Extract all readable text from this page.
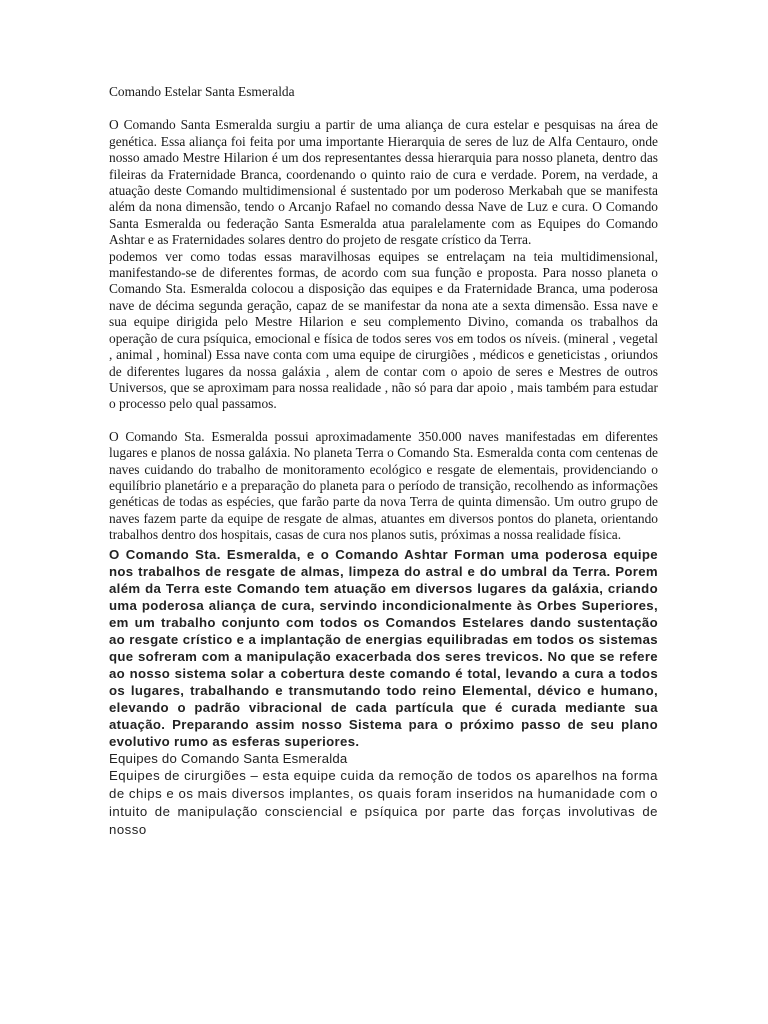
Comando Estelar Santa Esmeralda

O Comando Santa Esmeralda surgiu a partir de uma aliança de cura estelar e pesquisas na área de genética. Essa aliança foi feita por uma importante Hierarquia de seres de luz de Alfa Centauro, onde nosso amado Mestre Hilarion é um dos representantes dessa hierarquia para nosso planeta, dentro das fileiras da Fraternidade Branca, coordenando o quinto raio de cura e verdade. Porem, na verdade, a atuação deste Comando multidimensional é sustentado por um poderoso Merkabah que se manifesta além da nona dimensão, tendo o Arcanjo Rafael no comando dessa Nave de Luz e cura. O Comando Santa Esmeralda ou federação Santa Esmeralda atua paralelamente com as Equipes do Comando Ashtar e as Fraternidades solares dentro do projeto de resgate crístico da Terra.

podemos ver como todas essas maravilhosas equipes se entrelaçam na teia multidimensional, manifestando-se de diferentes formas, de acordo com sua função e proposta. Para nosso planeta o Comando Sta. Esmeralda colocou a disposição das equipes e da Fraternidade Branca, uma poderosa nave de décima segunda geração, capaz de se manifestar da nona ate a sexta dimensão. Essa nave e sua equipe dirigida pelo Mestre Hilarion e seu complemento Divino, comanda os trabalhos da operação de cura psíquica, emocional e física de todos seres vos em todos os níveis. (mineral , vegetal , animal , hominal) Essa nave conta com uma equipe de cirurgiões , médicos e geneticistas , oriundos de diferentes lugares da nossa galáxia , alem de contar com o apoio de seres e Mestres de outros Universos, que se aproximam para nossa realidade , não só para dar apoio , mais também para estudar o processo pelo qual passamos.

O Comando Sta. Esmeralda possui aproximadamente 350.000 naves manifestadas em diferentes lugares e planos de nossa galáxia. No planeta Terra o Comando Sta. Esmeralda conta com centenas de naves cuidando do trabalho de monitoramento ecológico e resgate de elementais, providenciando o equilíbrio planetário e a preparação do planeta para o período de transição, recolhendo as informações genéticas de todas as espécies, que farão parte da nova Terra de quinta dimensão. Um outro grupo de naves fazem parte da equipe de resgate de almas, atuantes em diversos pontos do planeta, orientando trabalhos dentro dos hospitais, casas de cura nos planos sutis, próximas a nossa realidade física.

O Comando Sta. Esmeralda, e o Comando Ashtar Forman uma poderosa equipe nos trabalhos de resgate de almas, limpeza do astral e do umbral da Terra. Porem além da Terra este Comando tem atuação em diversos lugares da galáxia, criando uma poderosa aliança de cura, servindo incondicionalmente às Orbes Superiores, em um trabalho conjunto com todos os Comandos Estelares dando sustentação ao resgate crístico e a implantação de energias equilibradas em todos os sistemas que sofreram com a manipulação exacerbada dos seres trevicos. No que se refere ao nosso sistema solar a cobertura deste comando é total, levando a cura a todos os lugares, trabalhando e transmutando todo reino Elemental, dévico e humano, elevando o padrão vibracional de cada partícula que é curada mediante sua atuação. Preparando assim nosso Sistema para o próximo passo de seu plano evolutivo rumo as esferas superiores.

Equipes do Comando Santa Esmeralda

Equipes de cirurgiões – esta equipe cuida da remoção de todos os aparelhos na forma de chips e os mais diversos implantes, os quais foram inseridos na humanidade com o intuito de manipulação consciencial e psíquica por parte das forças involutivas de nosso
